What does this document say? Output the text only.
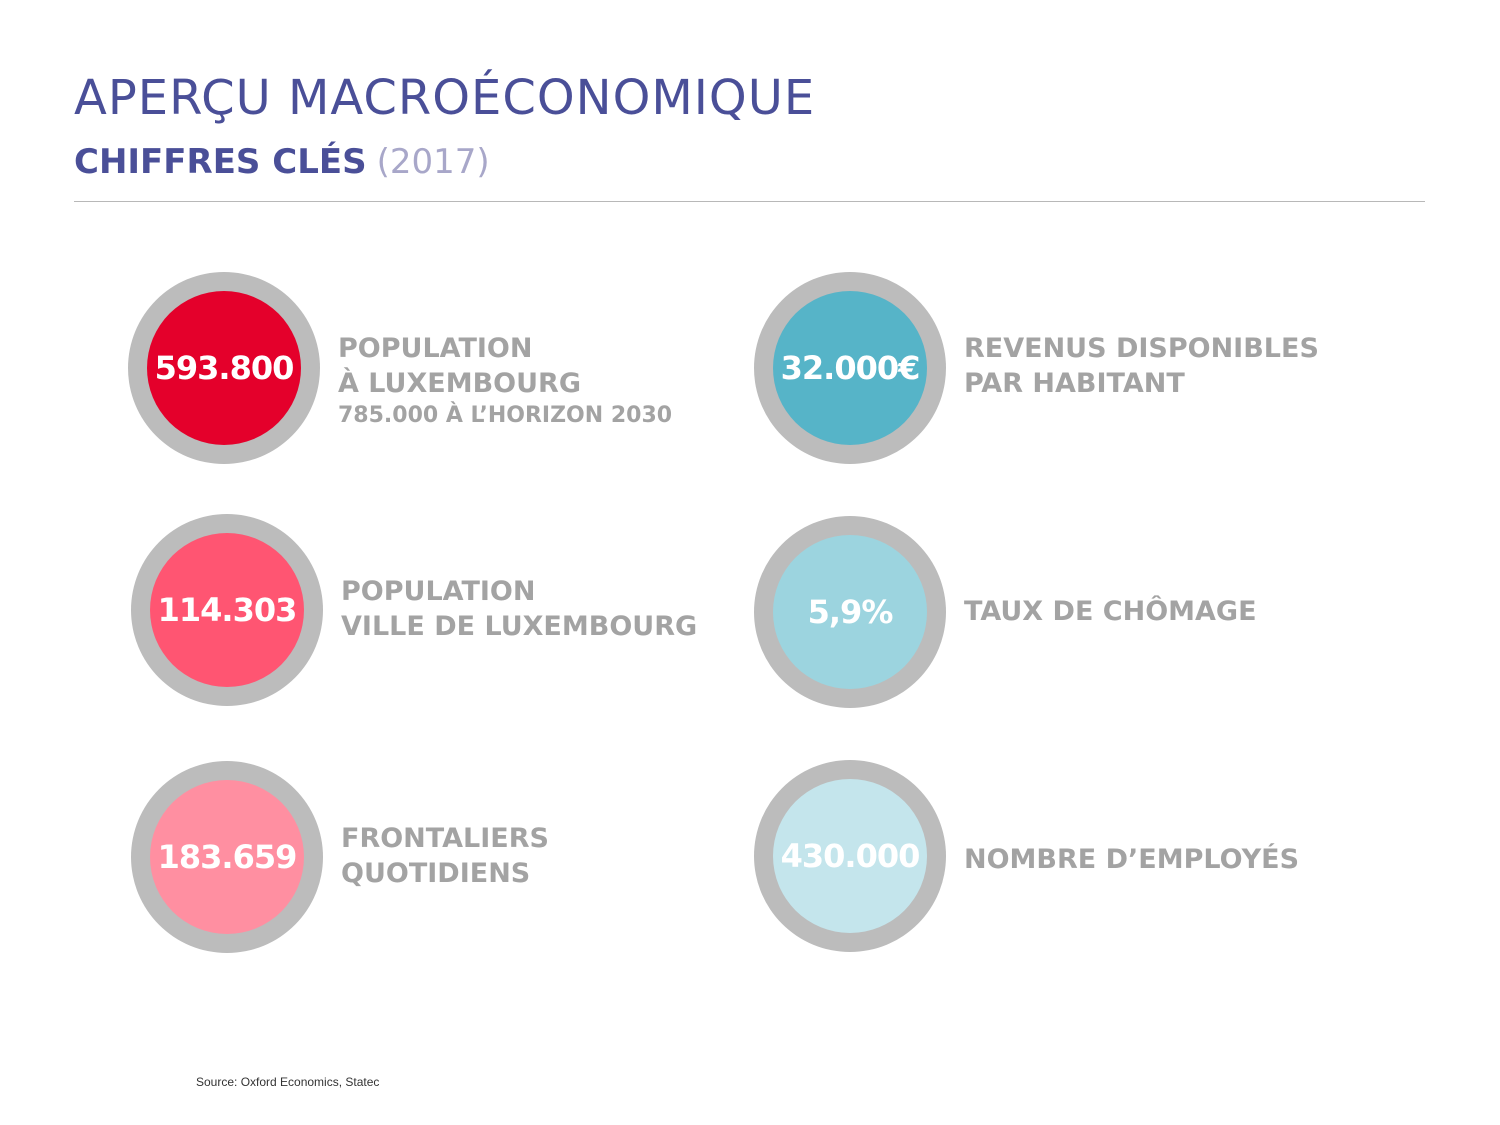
APERÇU MACROÉCONOMIQUE
CHIFFRES CLÉS (2017)
593.800
POPULATION
À LUXEMBOURG
785.000 À L’HORIZON 2030
114.303 POPULATION
VILLE DE LUXEMBOURG
183.659 FRONTALIERS
QUOTIDIENS
32.000€
REVENUS DISPONIBLES
PAR HABITANT
5,9%	TAUX DE CHÔMAGE
430.000 NOMBRE D’EMPLOYÉS
Source: Oxford Economics, Statec
